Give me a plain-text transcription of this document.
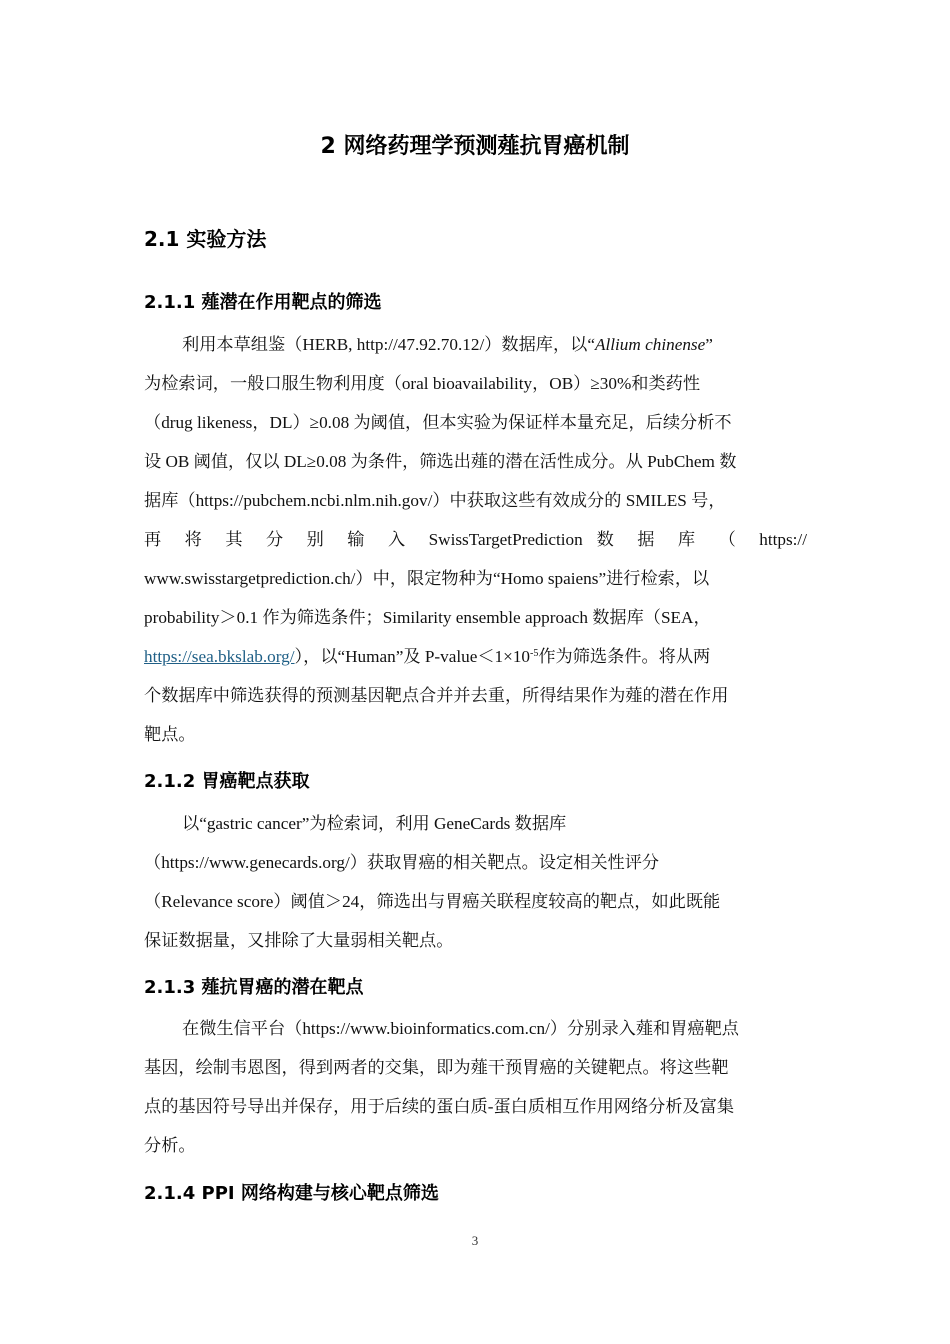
2 网络药理学预测薤抗胃癌机制
2.1 实验方法
2.1.1 薤潜在作用靶点的筛选
利用本草组鉴（HERB, http://47.92.70.12/）数据库，以“Allium chinense”
为检索词，一般口服生物利用度（oral bioavailability，OB）≥30%和类药性
（drug likeness，DL）≥0.08 为阈值，但本实验为保证样本量充足，后续分析不
设 OB 阈值，仅以 DL≥0.08 为条件，筛选出薤的潜在活性成分。从 PubChem 数
据库（https://pubchem.ncbi.nlm.nih.gov/）中获取这些有效成分的 SMILES 号，
再 将 其 分 别 输 入 SwissTargetPrediction 数 据 库 （ https://
www.swisstargetprediction.ch/）中，限定物种为“Homo spaiens”进行检索，以
probability＞0.1 作为筛选条件；Similarity ensemble approach 数据库（SEA，
https://sea.bkslab.org/），以“Human”及 $P-value<1\times 10^{-5}$作为筛选条件。将从两
个数据库中筛选获得的预测基因靶点合并并去重，所得结果作为薤的潜在作用
靶点。
2.1.2 胃癌靶点获取
以“gastric cancer”为检索词，利用 GeneCards 数据库
（https://www.genecards.org/）获取胃癌的相关靶点。设定相关性评分
（Relevance score）阈值＞24，筛选出与胃癌关联程度较高的靶点，如此既能
保证数据量，又排除了大量弱相关靶点。
2.1.3 薤抗胃癌的潜在靶点
在微生信平台（https://www.bioinformatics.com.cn/）分别录入薤和胃癌靶点
基因，绘制韦恩图，得到两者的交集，即为薤干预胃癌的关键靶点。将这些靶
点的基因符号导出并保存，用于后续的蛋白质-蛋白质相互作用网络分析及富集
分析。
2.1.4 PPI 网络构建与核心靶点筛选
3
